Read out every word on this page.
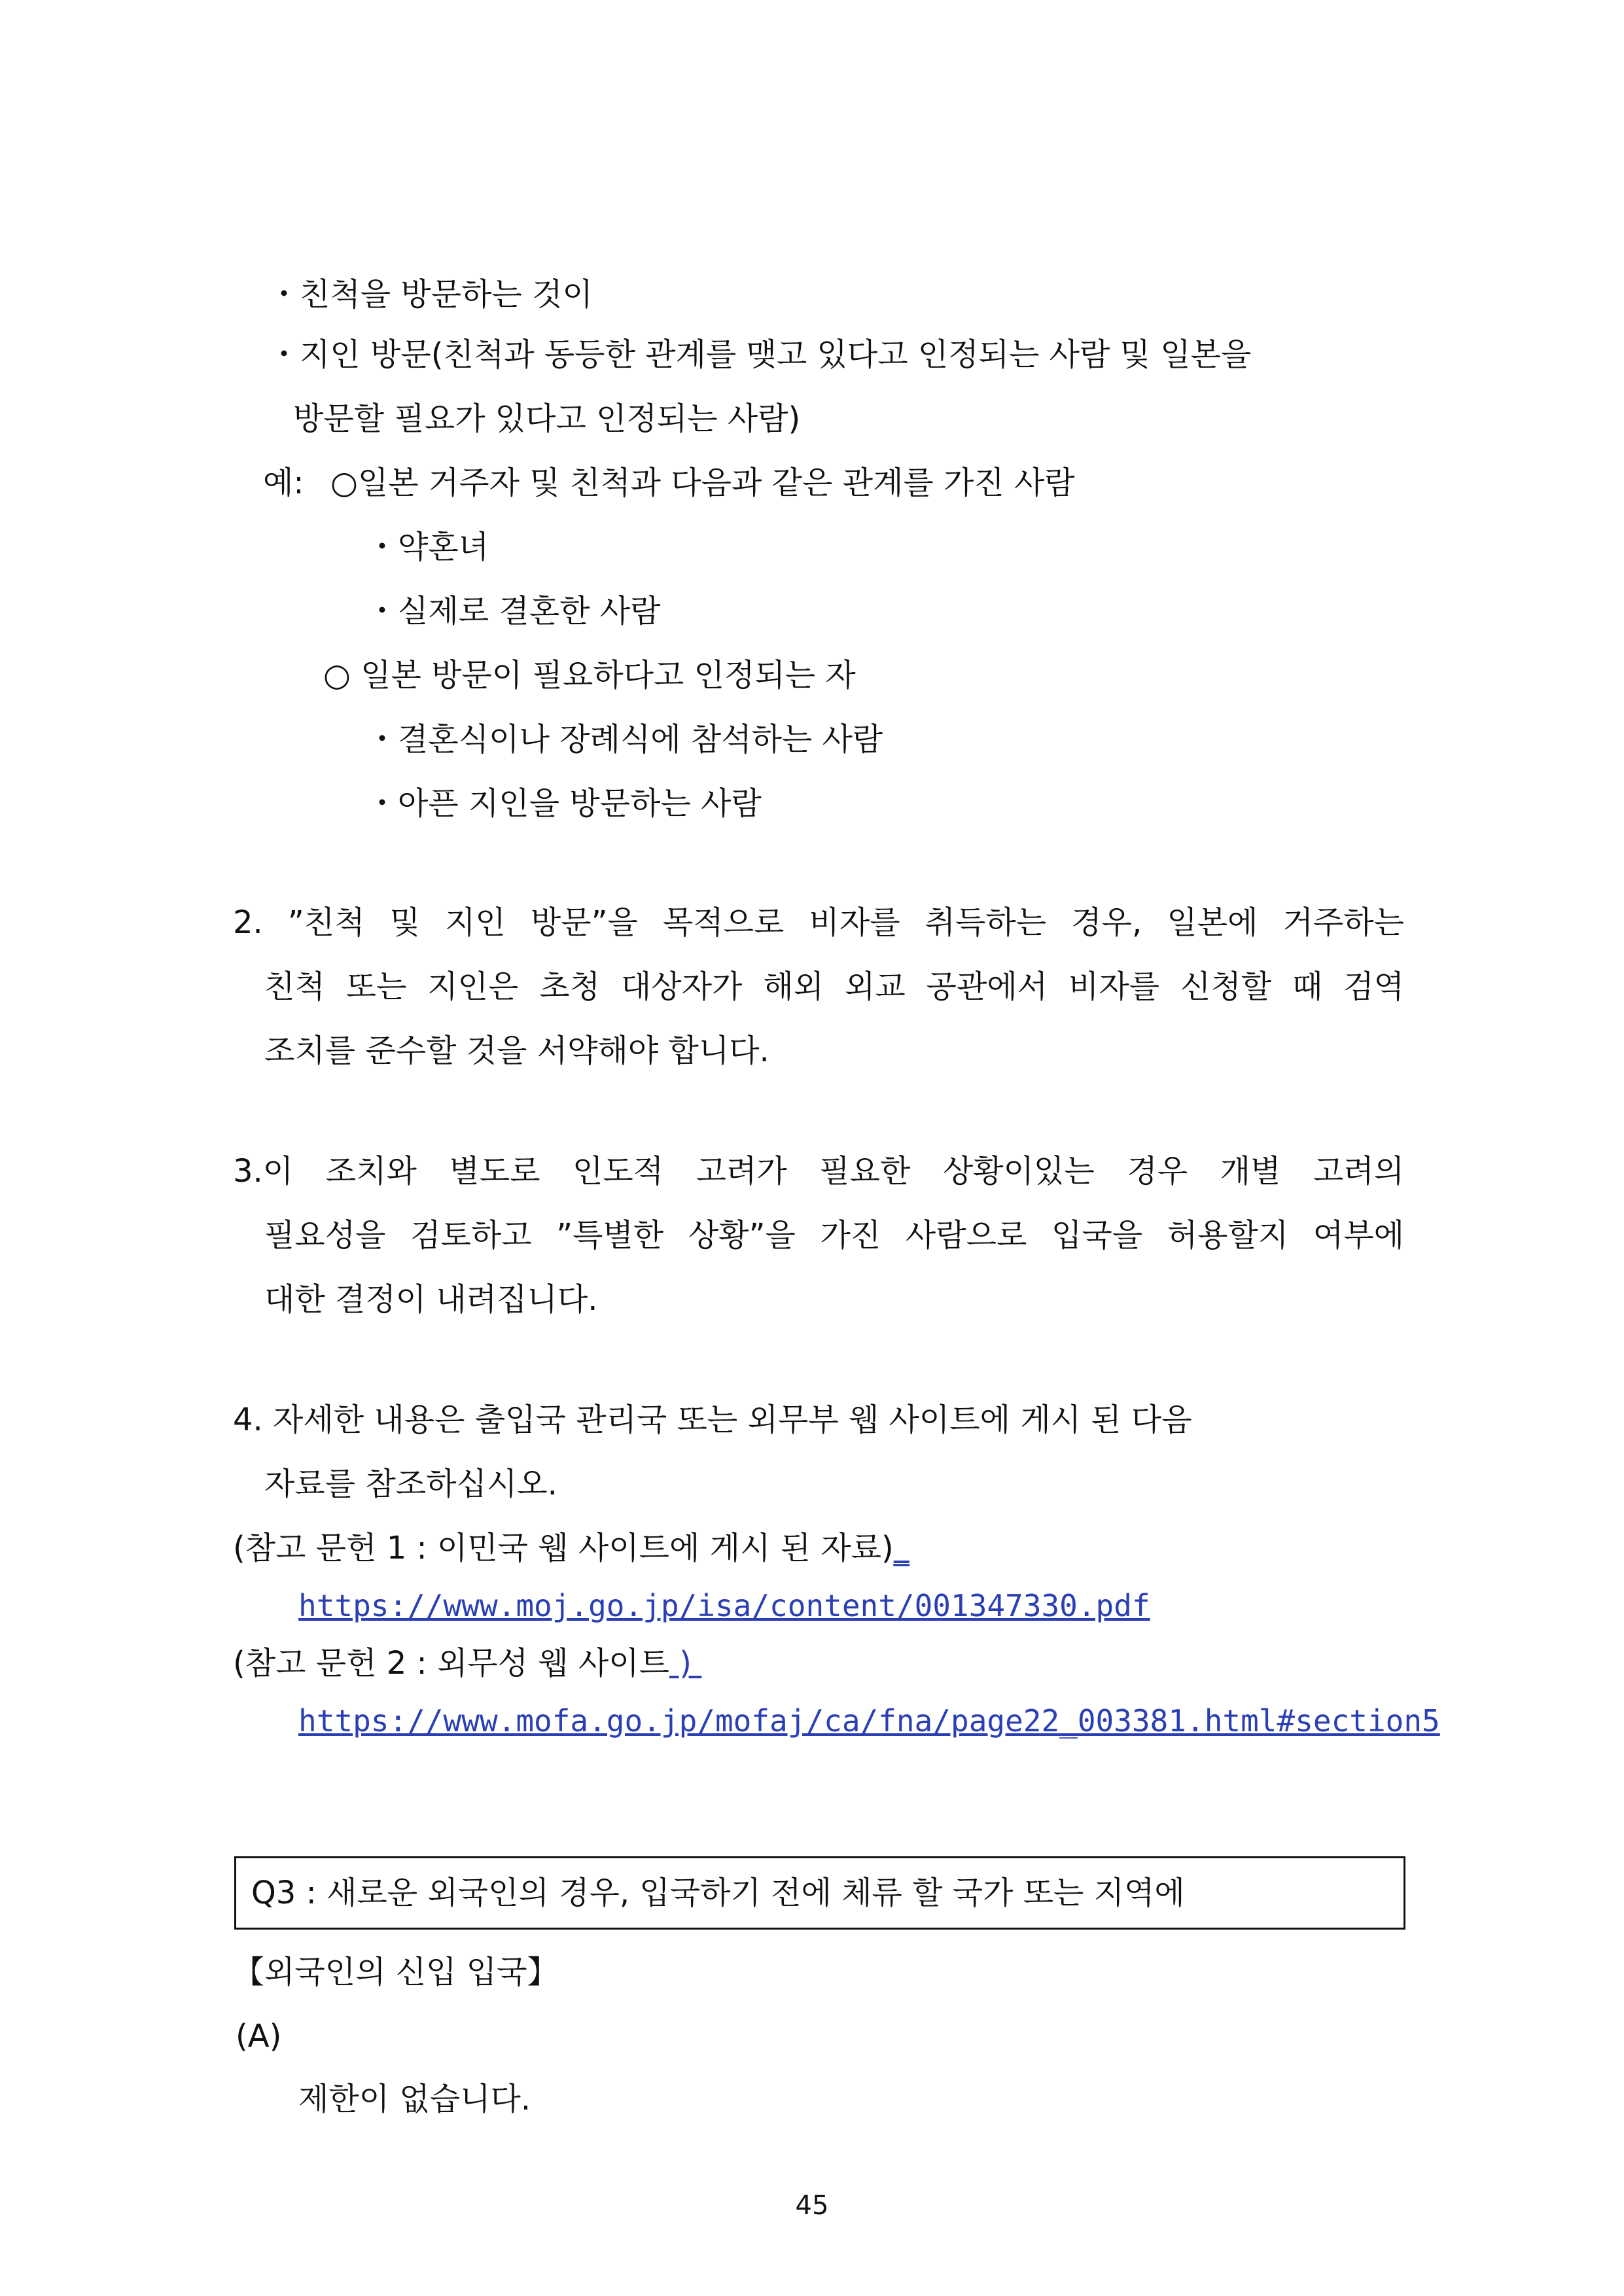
・친척을 방문하는 것이
・지인 방문(친척과 동등한 관계를 맺고 있다고 인정되는 사람 및 일본을
방문할 필요가 있다고 인정되는 사람)
예: ○일본 거주자 및 친척과 다음과 같은 관계를 가진 사람
・약혼녀
・실제로 결혼한 사람
○ 일본 방문이 필요하다고 인정되는 자
・결혼식이나 장례식에 참석하는 사람
・아픈 지인을 방문하는 사람
2. ”친척 및 지인 방문”을 목적으로 비자를 취득하는 경우, 일본에 거주하는
친척 또는 지인은 초청 대상자가 해외 외교 공관에서 비자를 신청할 때 검역
조치를 준수할 것을 서약해야 합니다.
3.이 조치와 별도로 인도적 고려가 필요한 상황이있는 경우 개별 고려의
필요성을 검토하고 ”특별한 상황”을 가진 사람으로 입국을 허용할지 여부에
대한 결정이 내려집니다.
4. 자세한 내용은 출입국 관리국 또는 외무부 웹 사이트에 게시 된 다음
자료를 참조하십시오.
(참고 문헌 1 : 이민국 웹 사이트에 게시 된 자료)_
https://www.moj.go.jp/isa/content/001347330.pdf
(참고 문헌 2 : 외무성 웹 사이트 )
https://www.mofa.go.jp/mofaj/ca/fna/page22_003381.html#section5
Q3 : 새로운 외국인의 경우, 입국하기 전에 체류 할 국가 또는 지역에
【외국인의 신입 입국】
(A)
제한이 없습니다.
45
